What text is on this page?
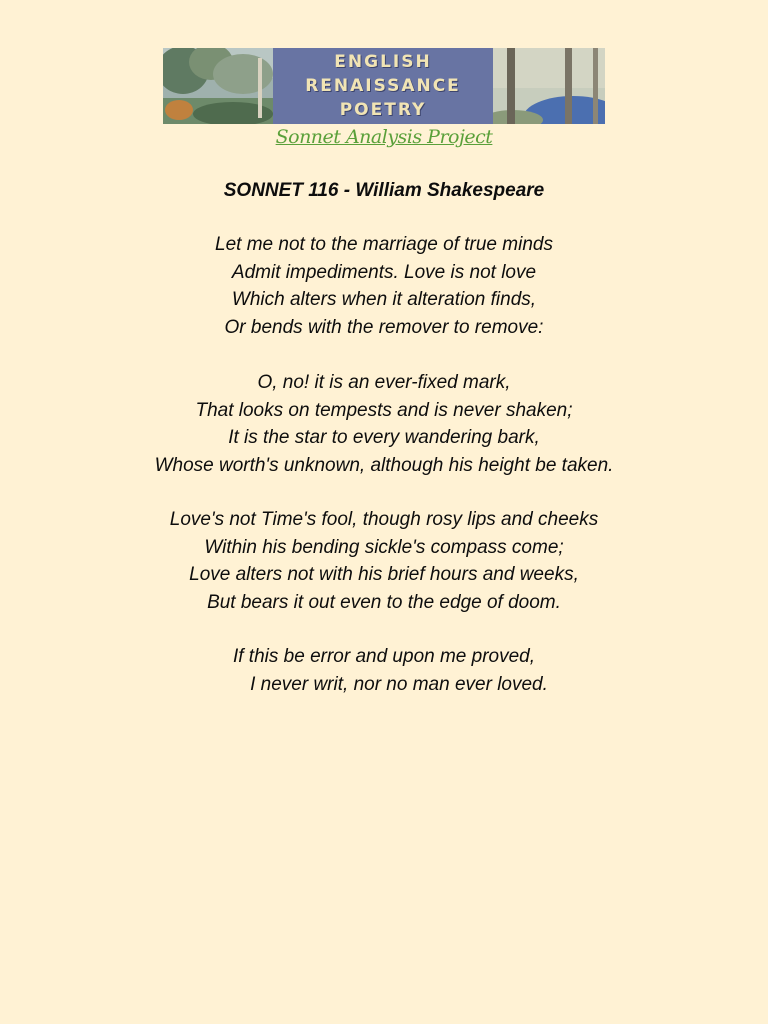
ENGLISH
RENAISSANCE
POETRY
Sonnet Analysis Project
SONNET 116 - William Shakespeare
Let me not to the marriage of true minds
Admit impediments. Love is not love
Which alters when it alteration finds,
Or bends with the remover to remove:
O, no! it is an ever-fixed mark,
That looks on tempests and is never shaken;
It is the star to every wandering bark,
Whose worth's unknown, although his height be taken.
Love's not Time's fool, though rosy lips and cheeks
Within his bending sickle's compass come;
Love alters not with his brief hours and weeks,
But bears it out even to the edge of doom.
If this be error and upon me proved,
I never writ, nor no man ever loved.
